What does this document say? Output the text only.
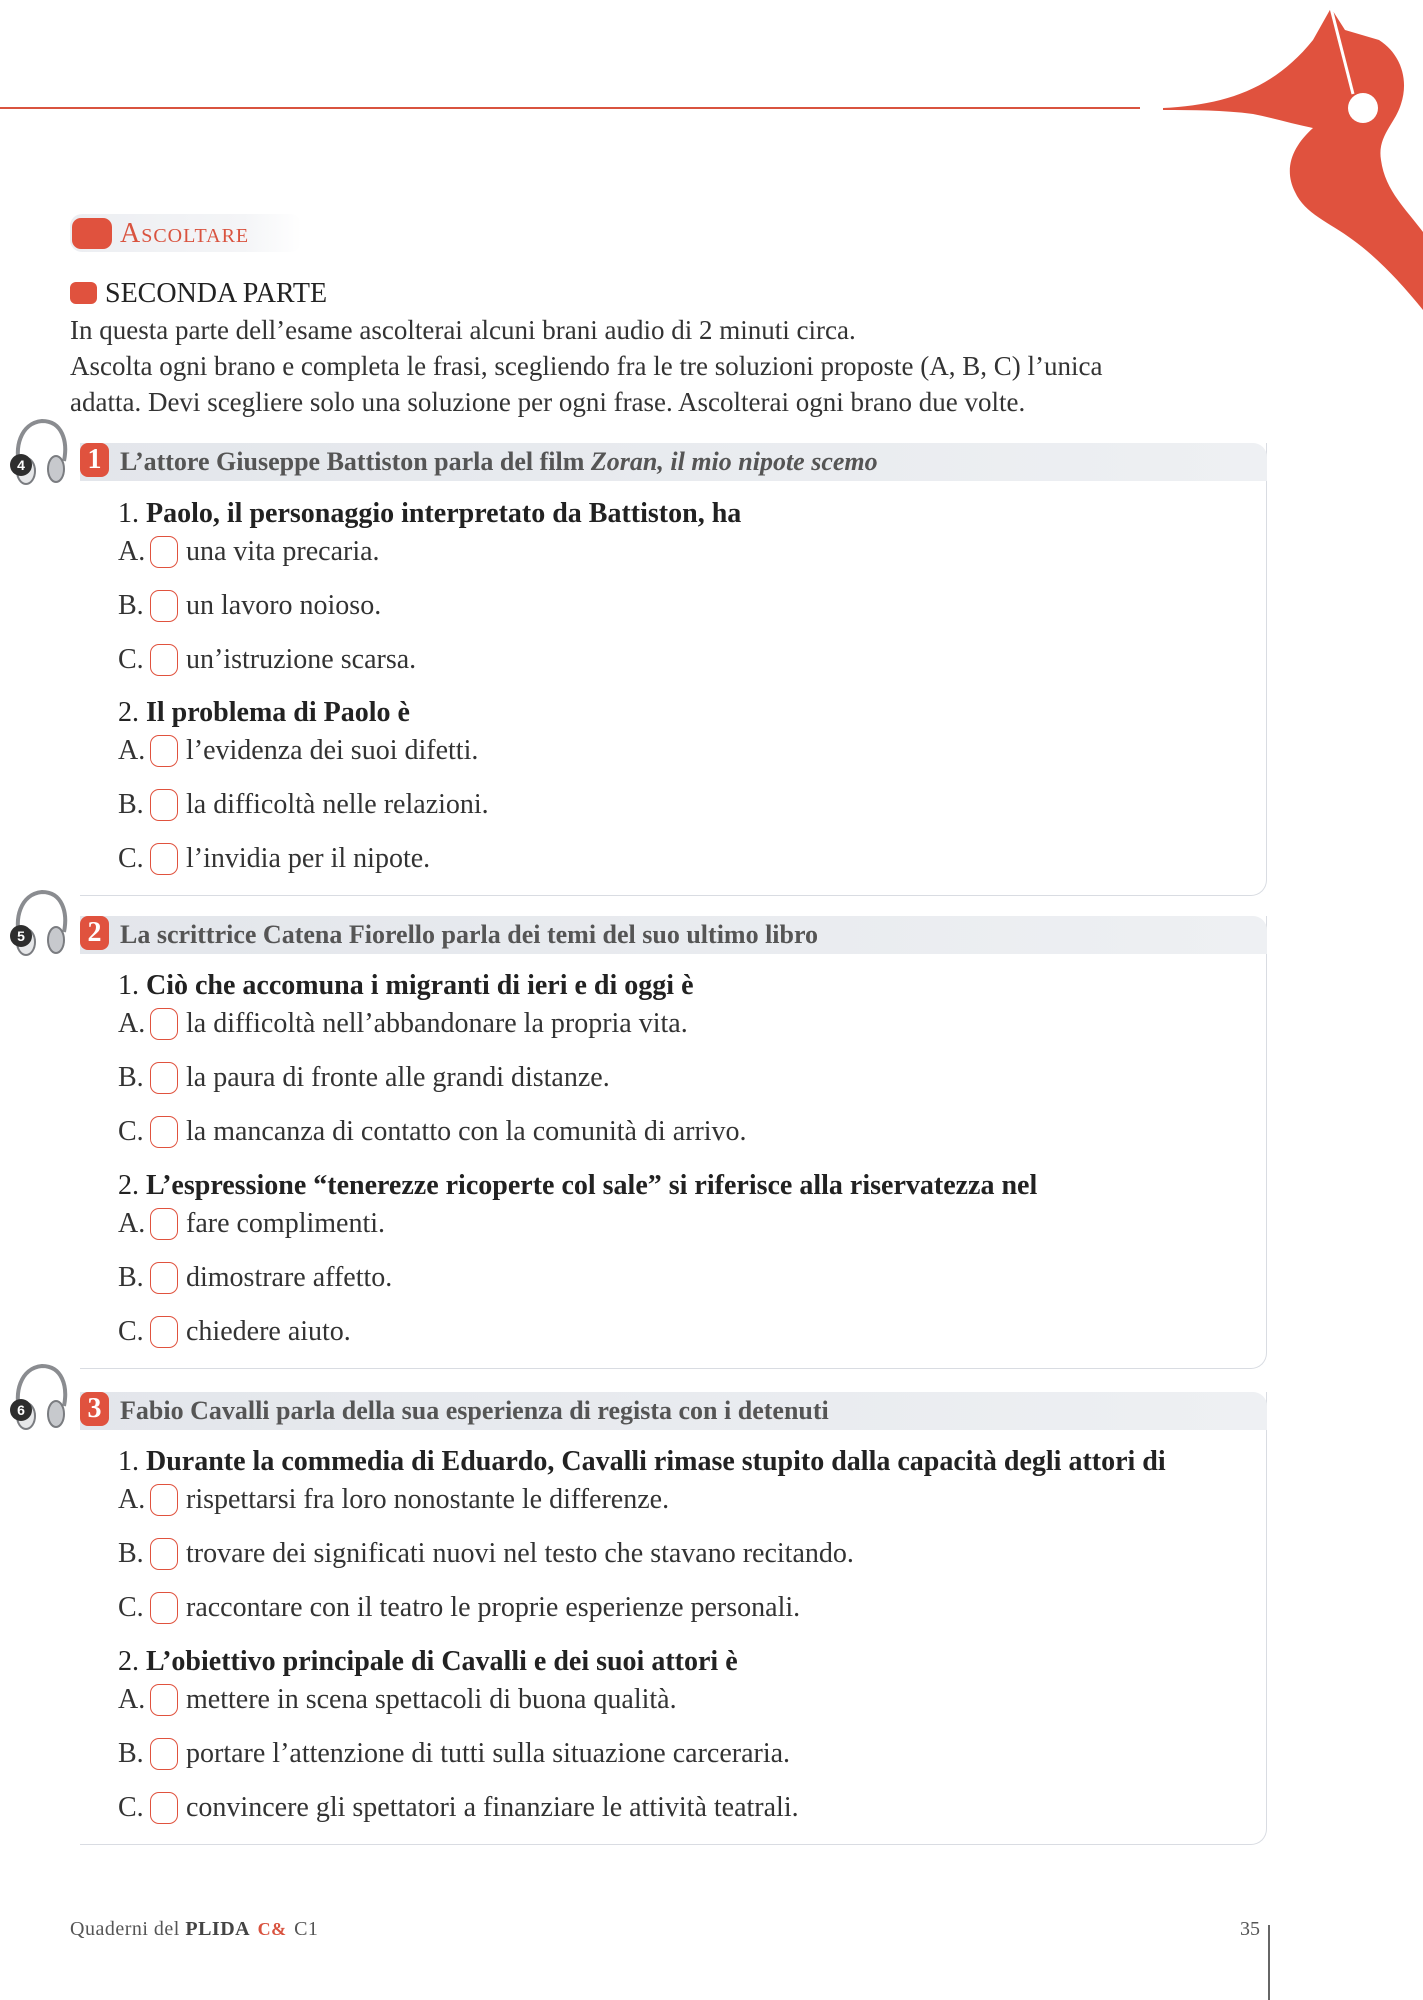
Ascoltare
SECONDA PARTE

In questa parte dell’esame ascolterai alcuni brani audio di 2 minuti circa.

Ascolta ogni brano e completa le frasi, scegliendo fra le tre soluzioni proposte (A, B, C) l’unica

adatta. Devi scegliere solo una soluzione per ogni frase. Ascolterai ogni brano due volte.

4 1 L’attore Giuseppe Battiston parla del film Zoran, il mio nipote scemo
1. Paolo, il personaggio interpretato da Battiston, ha
A. una vita precaria.
B. un lavoro noioso.
C. un’istruzione scarsa.
2. Il problema di Paolo è
A. l’evidenza dei suoi difetti.
B. la difficoltà nelle relazioni.
C. l’invidia per il nipote.
5 2 La scrittrice Catena Fiorello parla dei temi del suo ultimo libro
1. Ciò che accomuna i migranti di ieri e di oggi è
A. la difficoltà nell’abbandonare la propria vita.
B. la paura di fronte alle grandi distanze.
C. la mancanza di contatto con la comunità di arrivo.
2. L’espressione “tenerezze ricoperte col sale” si riferisce alla riservatezza nel
A. fare complimenti.
B. dimostrare affetto.
C. chiedere aiuto.
6 3 Fabio Cavalli parla della sua esperienza di regista con i detenuti
1. Durante la commedia di Eduardo, Cavalli rimase stupito dalla capacità degli attori di
A. rispettarsi fra loro nonostante le differenze.
B. trovare dei significati nuovi nel testo che stavano recitando.
C. raccontare con il teatro le proprie esperienze personali.
2. L’obiettivo principale di Cavalli e dei suoi attori è
A. mettere in scena spettacoli di buona qualità.
B. portare l’attenzione di tutti sulla situazione carceraria.
C. convincere gli spettatori a finanziare le attività teatrali.
Quaderni del PLIDA C& C1	35
